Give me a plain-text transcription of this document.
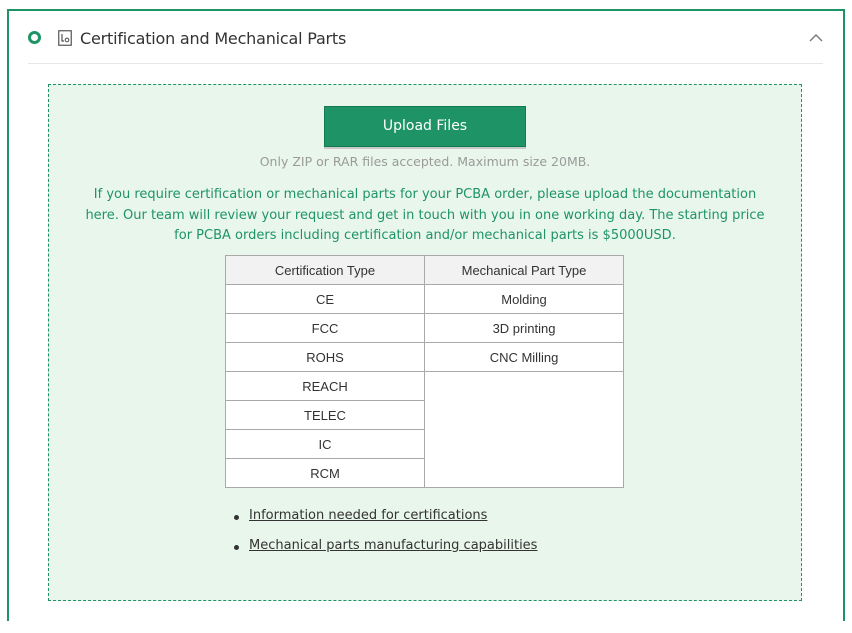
Certification and Mechanical Parts
Upload Files
Only ZIP or RAR files accepted. Maximum size 20MB.
If you require certification or mechanical parts for your PCBA order, please upload the documentation here. Our team will review your request and get in touch with you in one working day. The starting price for PCBA orders including certification and/or mechanical parts is $5000USD.
Certification Type	Mechanical Part Type
CE	Molding
FCC	3D printing
ROHS	CNC Milling
REACH	
TELEC	
IC	
RCM	
Information needed for certifications
Mechanical parts manufacturing capabilities
